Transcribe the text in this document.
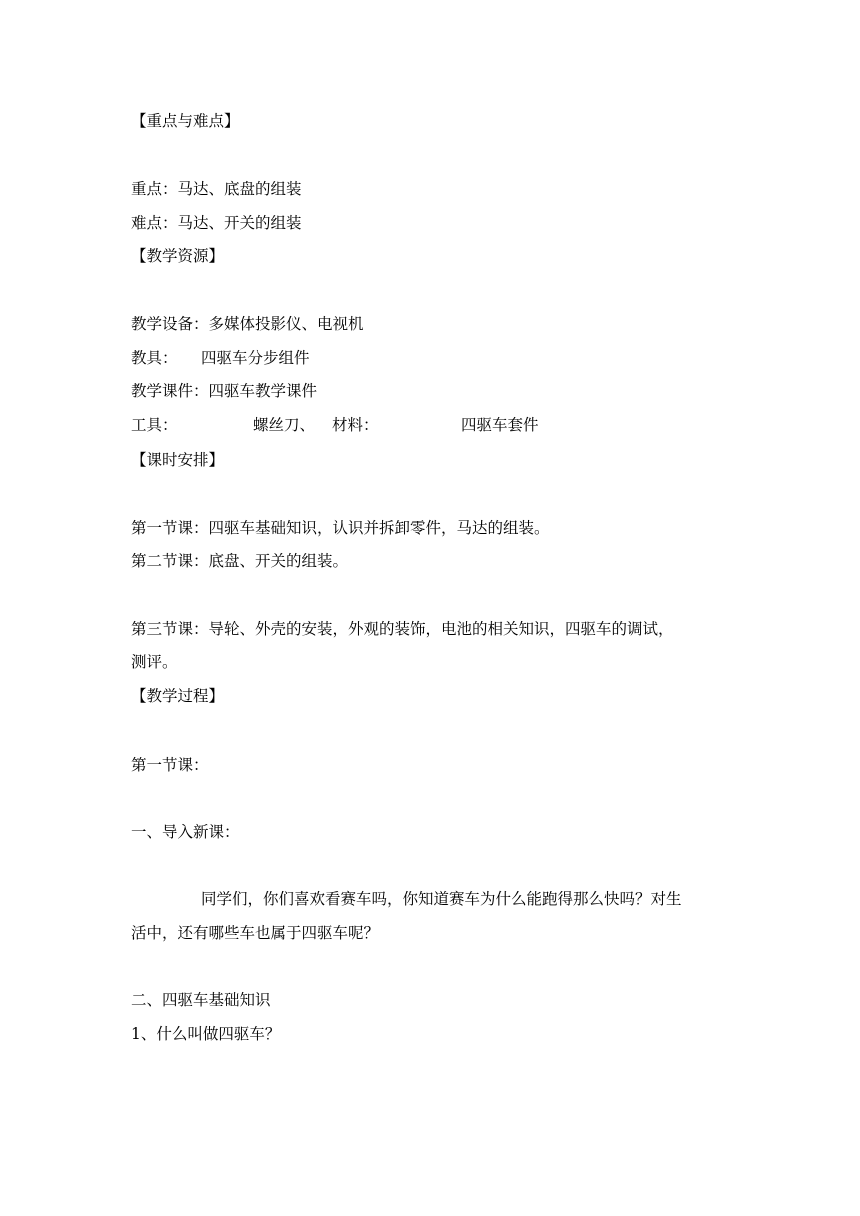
【重点与难点】
重点：马达、底盘的组装
难点：马达、开关的组装
【教学资源】
教学设备：多媒体投影仪、电视机
教具： 四驱车分步组件
教学课件：四驱车教学课件
工具：	螺丝刀、 材料：	四驱车套件
【课时安排】
第一节课：四驱车基础知识，认识并拆卸零件，马达的组装。
第二节课：底盘、开关的组装。
第三节课：导轮、外壳的安装，外观的装饰，电池的相关知识，四驱车的调试，
测评。
【教学过程】
第一节课：
一、导入新课：
同学们，你们喜欢看赛车吗，你知道赛车为什么能跑得那么快吗？对生
活中，还有哪些车也属于四驱车呢？
二、四驱车基础知识
1、什么叫做四驱车？
